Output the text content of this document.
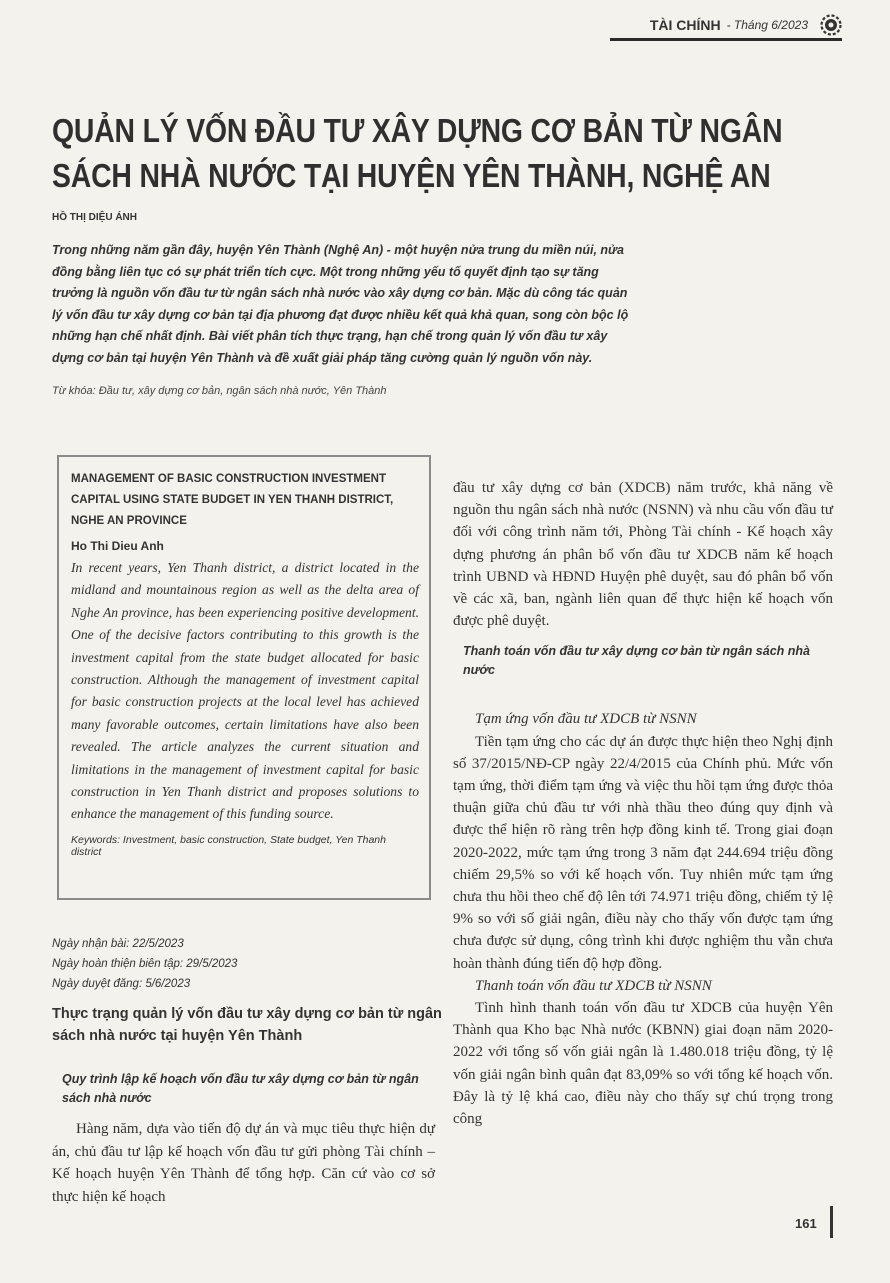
TÀI CHÍNH - Tháng 6/2023
QUẢN LÝ VỐN ĐẦU TƯ XÂY DỰNG CƠ BẢN TỪ NGÂN SÁCH NHÀ NƯỚC TẠI HUYỆN YÊN THÀNH, NGHỆ AN
HỒ THỊ DIỆU ÁNH

Trong những năm gần đây, huyện Yên Thành (Nghệ An) - một huyện nửa trung du miền núi, nửa đồng bằng liên tục có sự phát triển tích cực. Một trong những yếu tố quyết định tạo sự tăng trưởng là nguồn vốn đầu tư từ ngân sách nhà nước vào xây dựng cơ bản. Mặc dù công tác quản lý vốn đầu tư xây dựng cơ bản tại địa phương đạt được nhiều kết quả khả quan, song còn bộc lộ những hạn chế nhất định. Bài viết phân tích thực trạng, hạn chế trong quản lý vốn đầu tư xây dựng cơ bản tại huyện Yên Thành và đề xuất giải pháp tăng cường quản lý nguồn vốn này.

Từ khóa: Đầu tư, xây dựng cơ bản, ngân sách nhà nước, Yên Thành

MANAGEMENT OF BASIC CONSTRUCTION INVESTMENT CAPITAL USING STATE BUDGET IN YEN THANH DISTRICT, NGHE AN PROVINCE

Ho Thi Dieu Anh

In recent years, Yen Thanh district, a district located in the midland and mountainous region as well as the delta area of Nghe An province, has been experiencing positive development. One of the decisive factors contributing to this growth is the investment capital from the state budget allocated for basic construction. Although the management of investment capital for basic construction projects at the local level has achieved many favorable outcomes, certain limitations have also been revealed. The article analyzes the current situation and limitations in the management of investment capital for basic construction in Yen Thanh district and proposes solutions to enhance the management of this funding source.

Keywords: Investment, basic construction, State budget, Yen Thanh district
Ngày nhận bài: 22/5/2023
Ngày hoàn thiện biên tập: 29/5/2023
Ngày duyệt đăng: 5/6/2023
Thực trạng quản lý vốn đầu tư xây dựng cơ bản từ ngân sách nhà nước tại huyện Yên Thành

Quy trình lập kế hoạch vốn đầu tư xây dựng cơ bản từ ngân sách nhà nước

Hàng năm, dựa vào tiến độ dự án và mục tiêu thực hiện dự án, chủ đầu tư lập kế hoạch vốn đầu tư gửi phòng Tài chính – Kế hoạch huyện Yên Thành để tổng hợp. Căn cứ vào cơ sở thực hiện kế hoạch

đầu tư xây dựng cơ bản (XDCB) năm trước, khả năng về nguồn thu ngân sách nhà nước (NSNN) và nhu cầu vốn đầu tư đối với công trình năm tới, Phòng Tài chính - Kế hoạch xây dựng phương án phân bổ vốn đầu tư XDCB năm kế hoạch trình UBND và HĐND Huyện phê duyệt, sau đó phân bổ vốn về các xã, ban, ngành liên quan để thực hiện kế hoạch vốn được phê duyệt.

Thanh toán vốn đầu tư xây dựng cơ bản từ ngân sách nhà nước

Tạm ứng vốn đầu tư XDCB từ NSNN

Tiền tạm ứng cho các dự án được thực hiện theo Nghị định số 37/2015/NĐ-CP ngày 22/4/2015 của Chính phủ. Mức vốn tạm ứng, thời điểm tạm ứng và việc thu hồi tạm ứng được thỏa thuận giữa chủ đầu tư với nhà thầu theo đúng quy định và được thể hiện rõ ràng trên hợp đồng kinh tế. Trong giai đoạn 2020-2022, mức tạm ứng trong 3 năm đạt 244.694 triệu đồng chiếm 29,5% so với kế hoạch vốn. Tuy nhiên mức tạm ứng chưa thu hồi theo chế độ lên tới 74.971 triệu đồng, chiếm tỷ lệ 9% so với số giải ngân, điều này cho thấy vốn được tạm ứng chưa được sử dụng, công trình khi được nghiệm thu vẫn chưa hoàn thành đúng tiến độ hợp đồng.

Thanh toán vốn đầu tư XDCB từ NSNN

Tình hình thanh toán vốn đầu tư XDCB của huyện Yên Thành qua Kho bạc Nhà nước (KBNN) giai đoạn năm 2020-2022 với tổng số vốn giải ngân là 1.480.018 triệu đồng, tỷ lệ vốn giải ngân bình quân đạt 83,09% so với tổng kế hoạch vốn. Đây là tỷ lệ khá cao, điều này cho thấy sự chú trọng trong công

161
